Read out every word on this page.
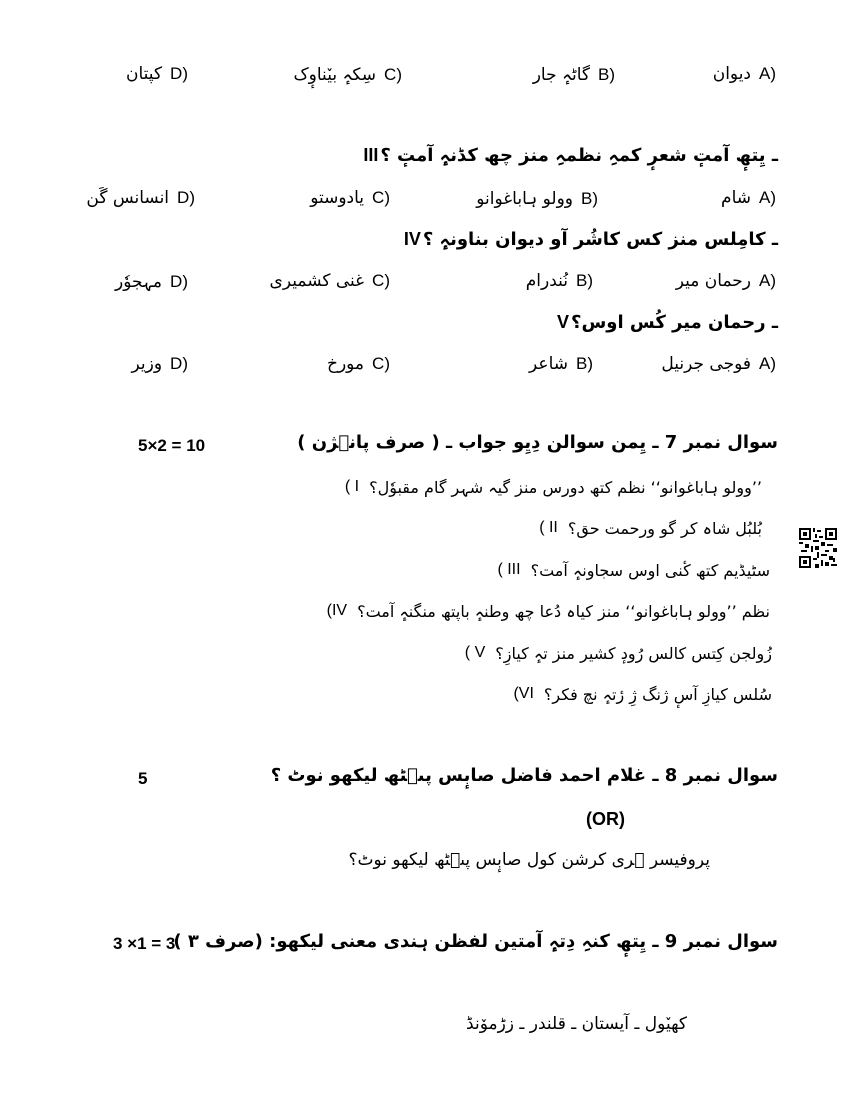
A)
دیوان
B)
گاٹہٕ جار
C)
سِکہٕ بیٚناوٕک
D)
کپتان
III ـ یِتھٕ آمتٕ شعرٕ کمہِ نظمہِ منز چھ کڈنہٕ آمتٕ ؟
A)
شام
B)
وولو ہاباغوانو
C)
یادوستو
D)
انسانس گَن
IV ـ کامِلس منز کس کاشُر آو دیوان بناونہٕ ؟
A)
رحمان میر
B)
نُندرام
C)
غنی کشمیری
D)
مہجوٗر
V ـ رحمان میر کُس اوس؟
A)
فوجی جرنیل
B)
شاعر
C)
مورخ
D)
وزیر
سوال نمبر 7 ـ یِمن سوالن دِیِو جواب ـ ( صرف پانٛژن )
5×2 = 10
I ) ’’وولو ہاباغوانو‘‘ نظم کتھ دورس منز گیہ شہر گام مقبوٗل؟
II ) بُلبُل شاہ کر گو ورحمت حق؟
III ) سٹیڈیم کتھ کٔنی اوس سجاونہٕ آمت؟
IV) نظم ’’وولو ہاباغوانو‘‘ منز کیاہ دُعا چھ وطنہٕ باپتھ منگنہٕ آمت؟
V ) زُولجن کِتس کالس رُودٕ کشیر منز تہٕ کیازِ؟
VI) سُلس کیازِ آسٕ ژنگ ژِ رٔتہٕ نچ فکر؟
سوال نمبر 8 ـ غلام احمد فاضل صابٕس پٮ۪ٹھ لیکھو نوٹ ؟
5
(OR)
پروفیسر ہری کرشن کول صابٕس پٮ۪ٹھ لیکھو نوٹ؟
سوال نمبر 9 ـ یِتھٕ کنہِ دِتہٕ آمتین لفظن ہندی معنی لیکھو: (صرف ۳ )
3 ×1 = 3
کھیٚول ـ آیستان ـ قلندر ـ زڑموٚنڈ
